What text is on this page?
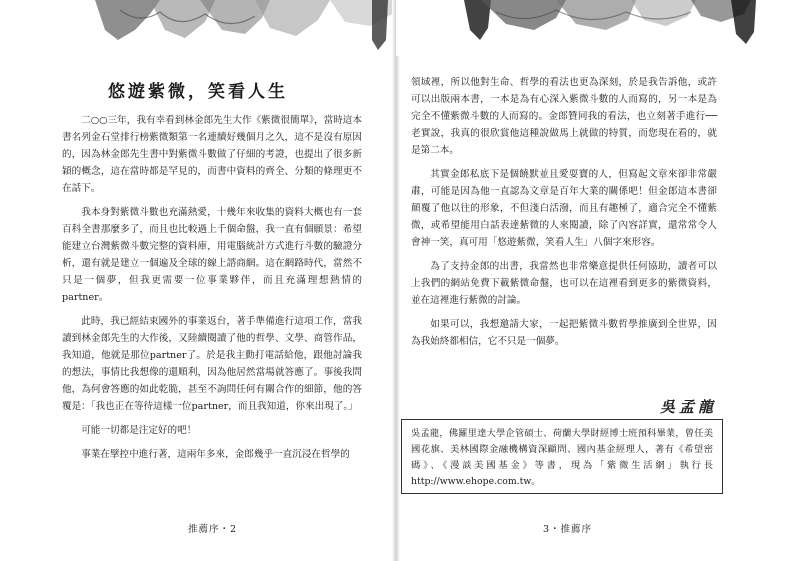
悠遊紫微，笑看人生

二○○三年，我有幸看到林金郎先生大作《紫微很簡單》，當時這本書名列金石堂排行榜紫微類第一名連續好幾個月之久，這不是沒有原因的，因為林金郎先生書中對紫微斗數做了仔細的考證，也提出了很多新穎的概念，這在當時都是罕見的，而書中資料的齊全、分類的條理更不在話下。

我本身對紫微斗數也充滿熱愛，十幾年來收集的資料大概也有一套百科全書那麼多了，而且也比較過上千個命盤，我一直有個願景：希望能建立台灣紫微斗數完整的資料庫，用電腦統計方式進行斗數的驗證分析，還有就是建立一個遍及全球的線上諮商網。這在網路時代，當然不只是一個夢，但我更需要一位事業夥伴，而且充滿理想熱情的partner。

此時，我已經結束國外的事業返台，著手準備進行這項工作，當我讀到林金郎先生的大作後，又陸續閱讀了他的哲學、文學、商管作品，我知道，他就是那位partner了。於是我主動打電話給他，跟他討論我的想法，事情比我想像的還順利，因為他居然當場就答應了。事後我問他，為何會答應的如此乾脆，甚至不詢問任何有關合作的細節，他的答覆是：「我也正在等待這樣一位partner，而且我知道，你來出現了。」

可能一切都是注定好的吧！

事業在擘控中進行著，這兩年多來，金郎幾乎一直沉浸在哲學的

推薦序・2

領域裡，所以他對生命、哲學的看法也更為深刻，於是我告訴他，或許可以出版兩本書，一本是為有心深入紫微斗數的人而寫的，另一本是為完全不懂紫微斗數的人而寫的。金郎贊同我的看法，也立刻著手進行──老實說，我真的很欣賞他這種說做馬上就做的特質，而您現在看的，就是第二本。

其實金郎私底下是個饒默並且愛耍寶的人，但寫起文章來卻非常嚴肅，可能是因為他一直認為文章是百年大業的關係吧！但金郎這本書卻顛覆了他以往的形象，不但淺白活潑，而且有趣極了，適合完全不懂紫微，或希望能用白話表達紫微的人來閱讀，除了內容詳實，還常常令人會神一笑，真可用「悠遊紫微，笑看人生」八個字來形容。

為了支持金郎的出書，我當然也非常樂意提供任何協助，讀者可以上我們的網站免費下載紫微命盤，也可以在這裡看到更多的紫微資料，並在這裡進行紫微的討論。

如果可以，我想邀請大家，一起把紫微斗數哲學推廣到全世界，因為我始終都相信，它不只是一個夢。

吳孟龍
吳孟龍，佛羅里達大學企管碩士、荷蘭大學財經博士班預科畢業，曾任美國花旗、美林國際金融機構資深顧問、國內基金經理人，著有《希望密碼》、《漫談美國基金》等書，現為「紫微生活網」執行長 http://www.ehope.com.tw。
3・推薦序
